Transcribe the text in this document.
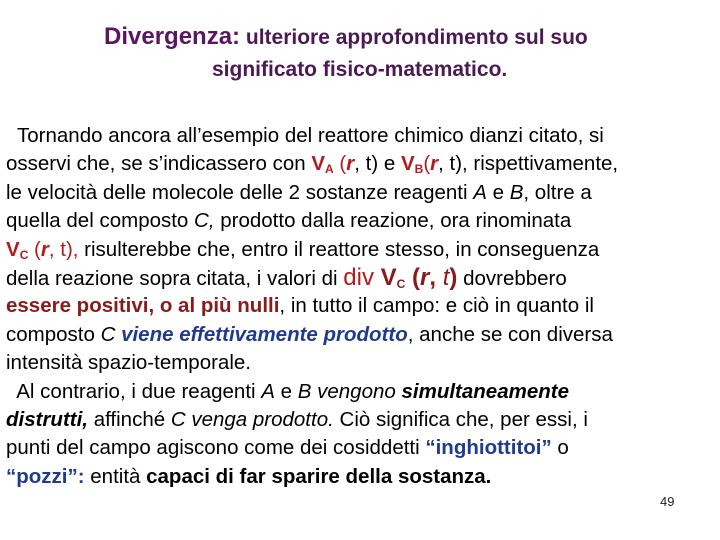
Divergenza: ulteriore approfondimento sul suo
significato fisico-matematico.
Tornando ancora all’esempio del reattore chimico dianzi citato, si
osservi che, se s’indicassero con $V_A$ (r, t) e $V_B(r$, t), rispettivamente,
le velocità delle molecole delle 2 sostanze reagenti A e B, oltre a
quella del composto C, prodotto dalla reazione, ora rinominata
$V_C$ (r, t), risulterebbe che, entro il reattore stesso, in conseguenza
della reazione sopra citata, i valori di div $V_C$ (r, t) dovrebbero
essere positivi, o al più nulli, in tutto il campo: e ciò in quanto il
composto C viene effettivamente prodotto, anche se con diversa
intensità spazio-temporale.
Al contrario, i due reagenti A e B vengono simultaneamente
distrutti, affinché C venga prodotto. Ciò significa che, per essi, i
punti del campo agiscono come dei cosiddetti “inghiottitoi” o
“pozzi”: entità capaci di far sparire della sostanza.
49
